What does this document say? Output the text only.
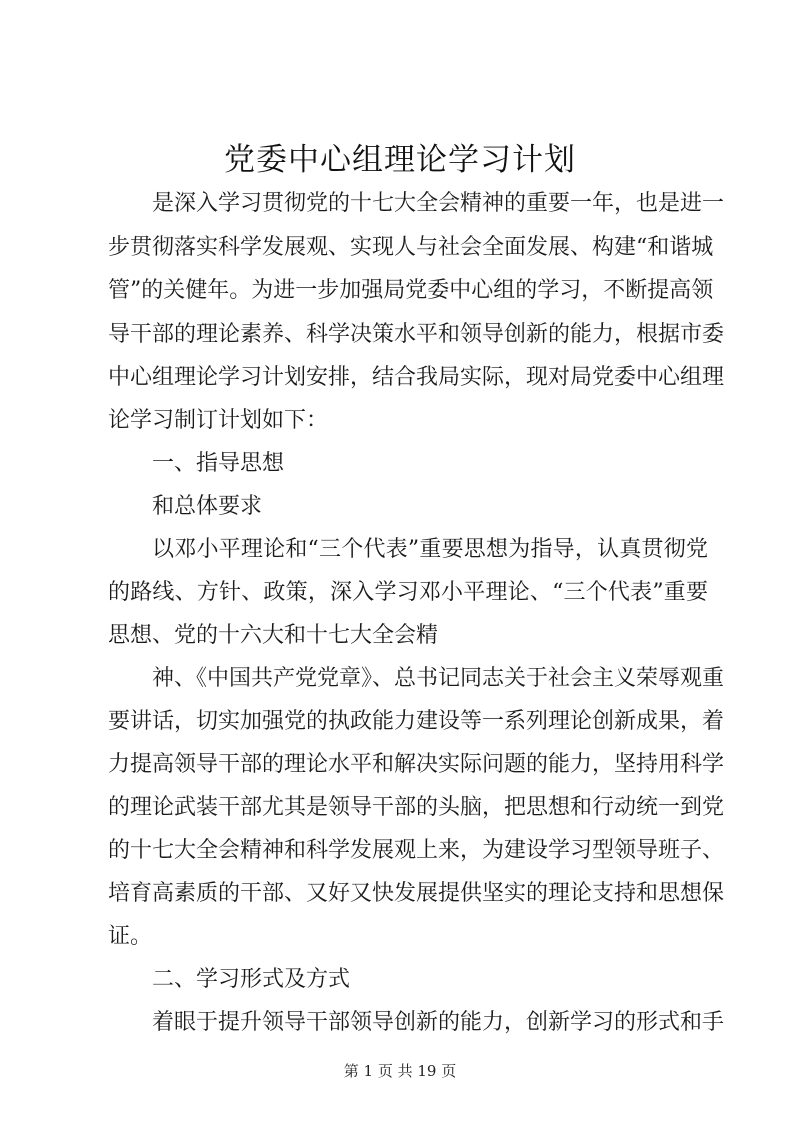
党委中心组理论学习计划
是深入学习贯彻党的十七大全会精神的重要一年，也是进一
步贯彻落实科学发展观、实现人与社会全面发展、构建“和谐城
管”的关健年。为进一步加强局党委中心组的学习，不断提高领
导干部的理论素养、科学决策水平和领导创新的能力，根据市委
中心组理论学习计划安排，结合我局实际，现对局党委中心组理
论学习制订计划如下：
一、指导思想
和总体要求
以邓小平理论和“三个代表”重要思想为指导，认真贯彻党
的路线、方针、政策，深入学习邓小平理论、“三个代表”重要
思想、党的十六大和十七大全会精
神、《中国共产党党章》、总书记同志关于社会主义荣辱观重
要讲话，切实加强党的执政能力建设等一系列理论创新成果，着
力提高领导干部的理论水平和解决实际问题的能力，坚持用科学
的理论武装干部尤其是领导干部的头脑，把思想和行动统一到党
的十七大全会精神和科学发展观上来，为建设学习型领导班子、
培育高素质的干部、又好又快发展提供坚实的理论支持和思想保
证。
二、学习形式及方式
着眼于提升领导干部领导创新的能力，创新学习的形式和手
第 1 页 共 19 页
